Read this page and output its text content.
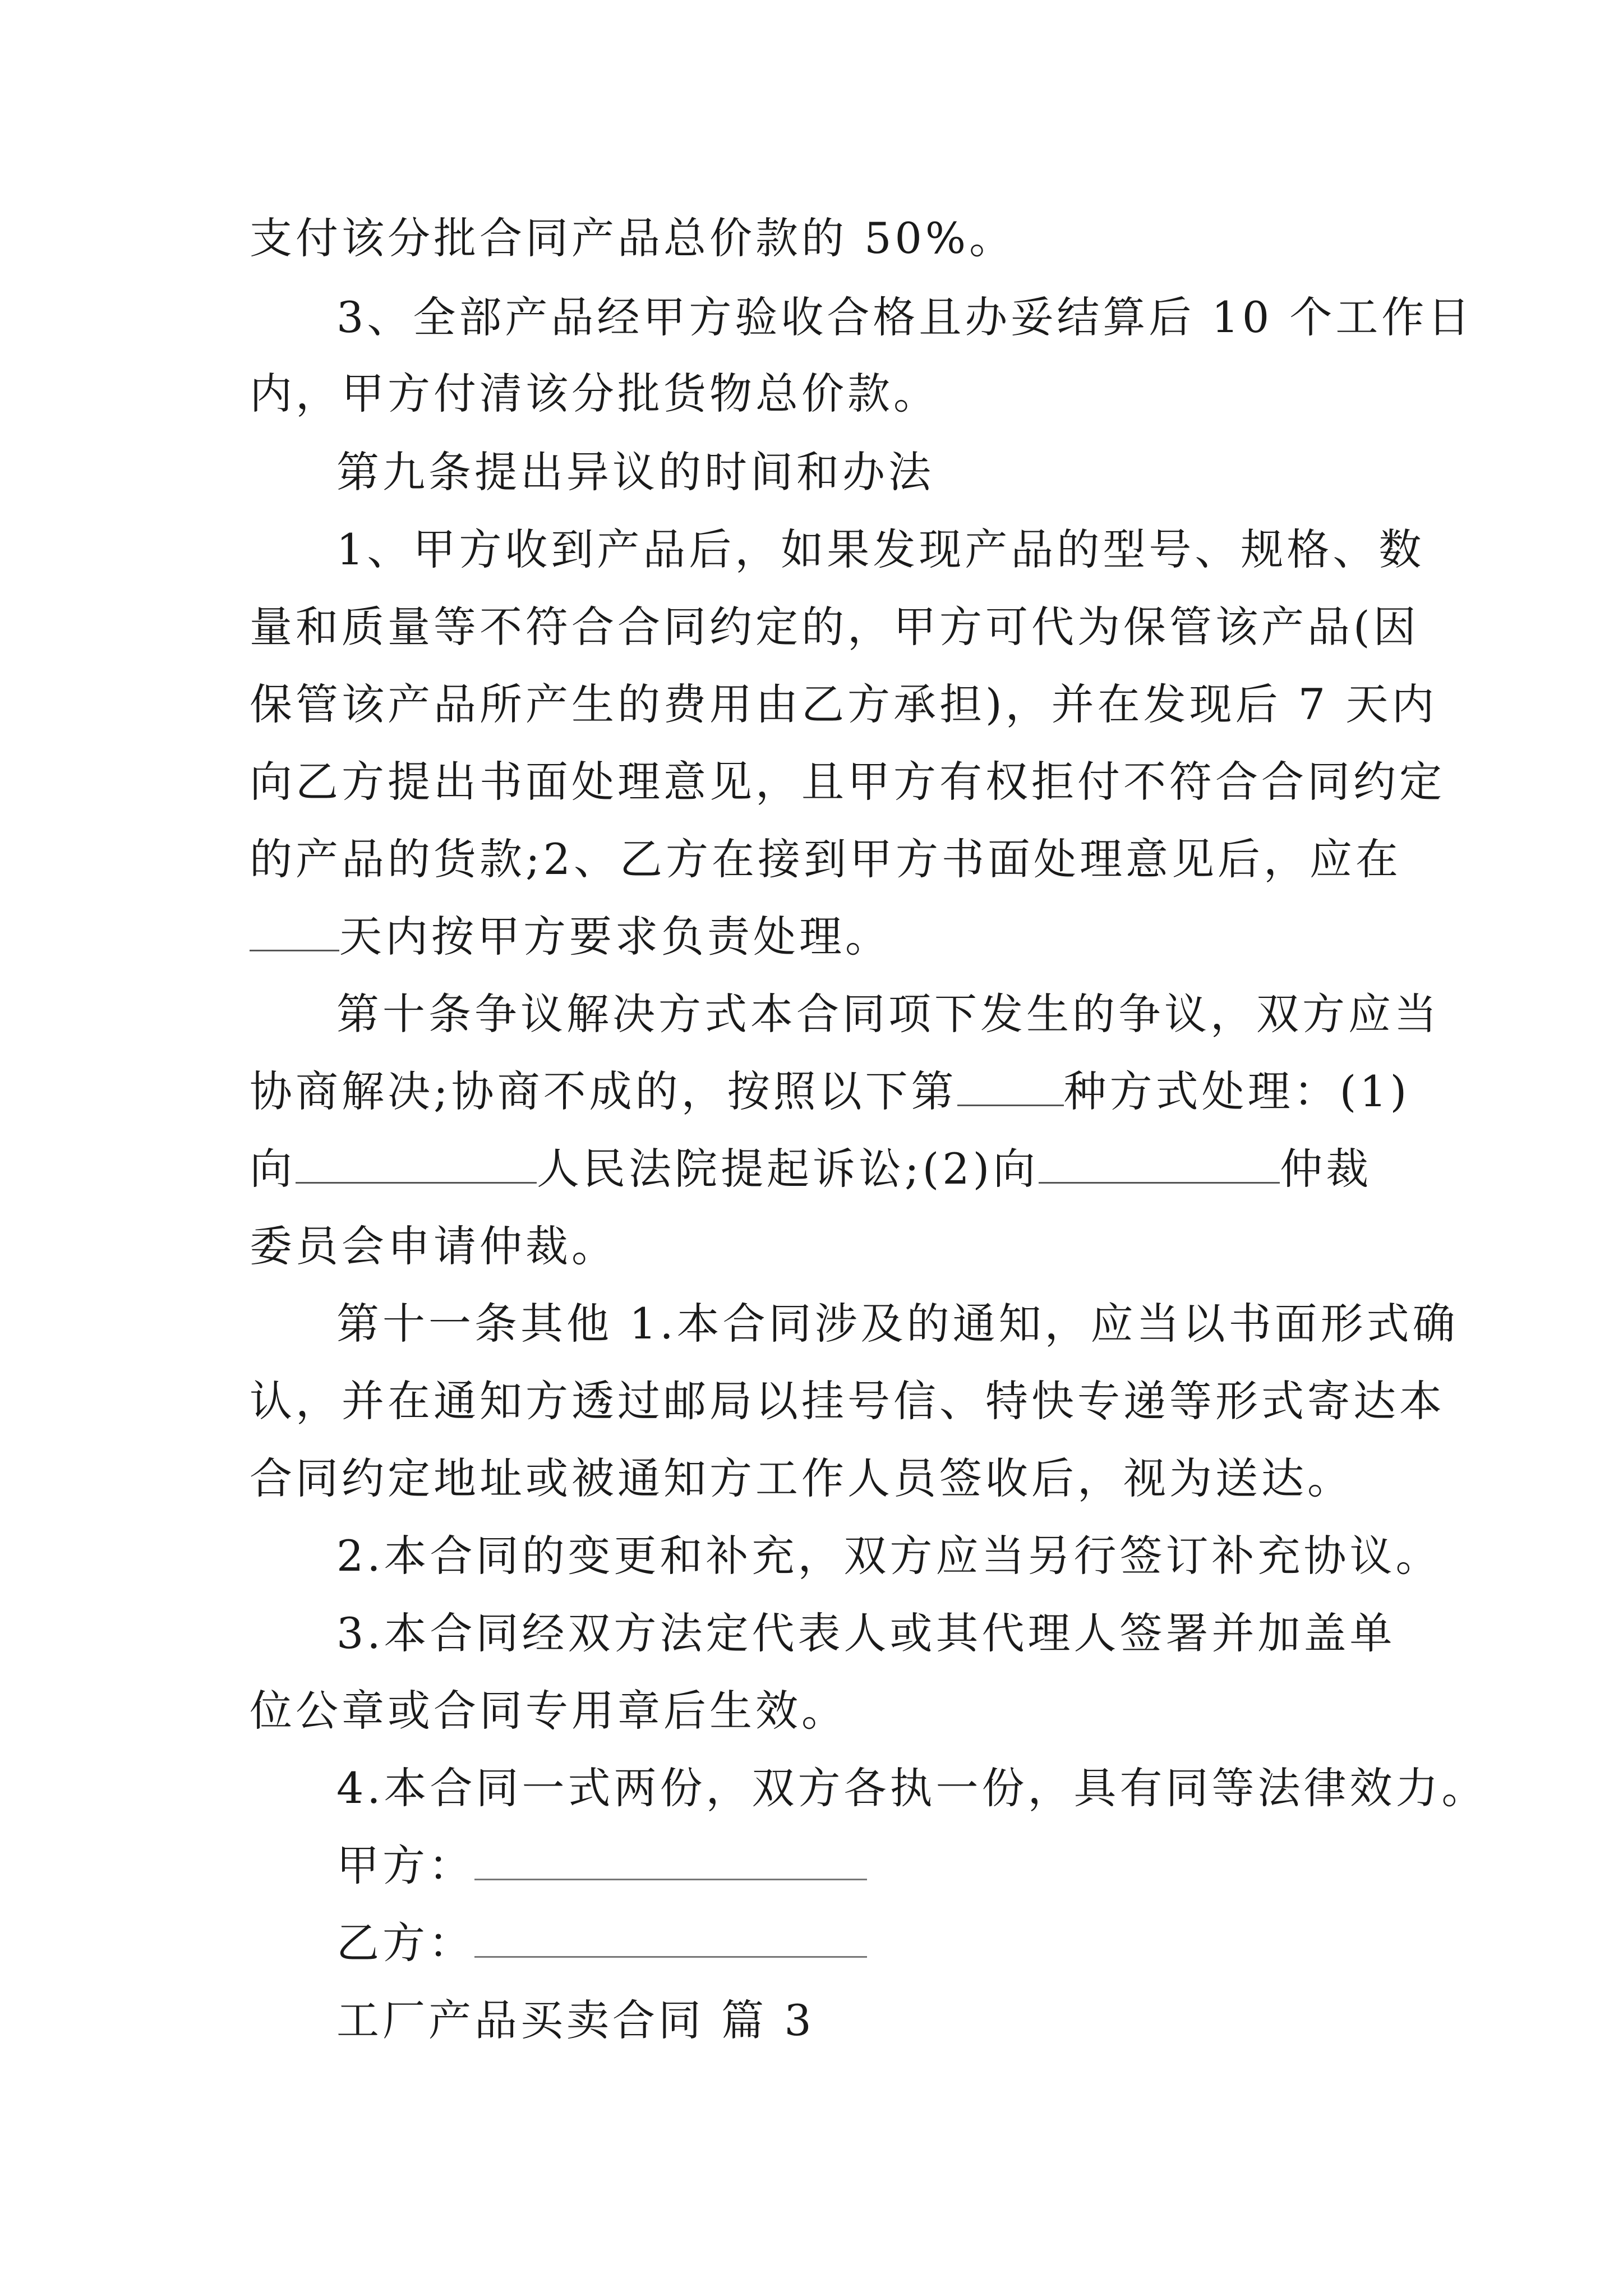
支付该分批合同产品总价款的 50%。
3、全部产品经甲方验收合格且办妥结算后 10 个工作日
内，甲方付清该分批货物总价款。
第九条提出异议的时间和办法
1、甲方收到产品后，如果发现产品的型号、规格、数
量和质量等不符合合同约定的，甲方可代为保管该产品(因
保管该产品所产生的费用由乙方承担)，并在发现后 7 天内
向乙方提出书面处理意见，且甲方有权拒付不符合合同约定
的产品的货款;2、乙方在接到甲方书面处理意见后，应在
天内按甲方要求负责处理。
第十条争议解决方式本合同项下发生的争议，双方应当
协商解决;协商不成的，按照以下第	种方式处理：(1)
向	人民法院提起诉讼;(2)向	仲裁
委员会申请仲裁。
第十一条其他 1.本合同涉及的通知，应当以书面形式确
认，并在通知方透过邮局以挂号信、特快专递等形式寄达本
合同约定地址或被通知方工作人员签收后，视为送达。
2.本合同的变更和补充，双方应当另行签订补充协议。
3.本合同经双方法定代表人或其代理人签署并加盖单
位公章或合同专用章后生效。
4.本合同一式两份，双方各执一份，具有同等法律效力。
甲方：
乙方：
工厂产品买卖合同 篇 3
